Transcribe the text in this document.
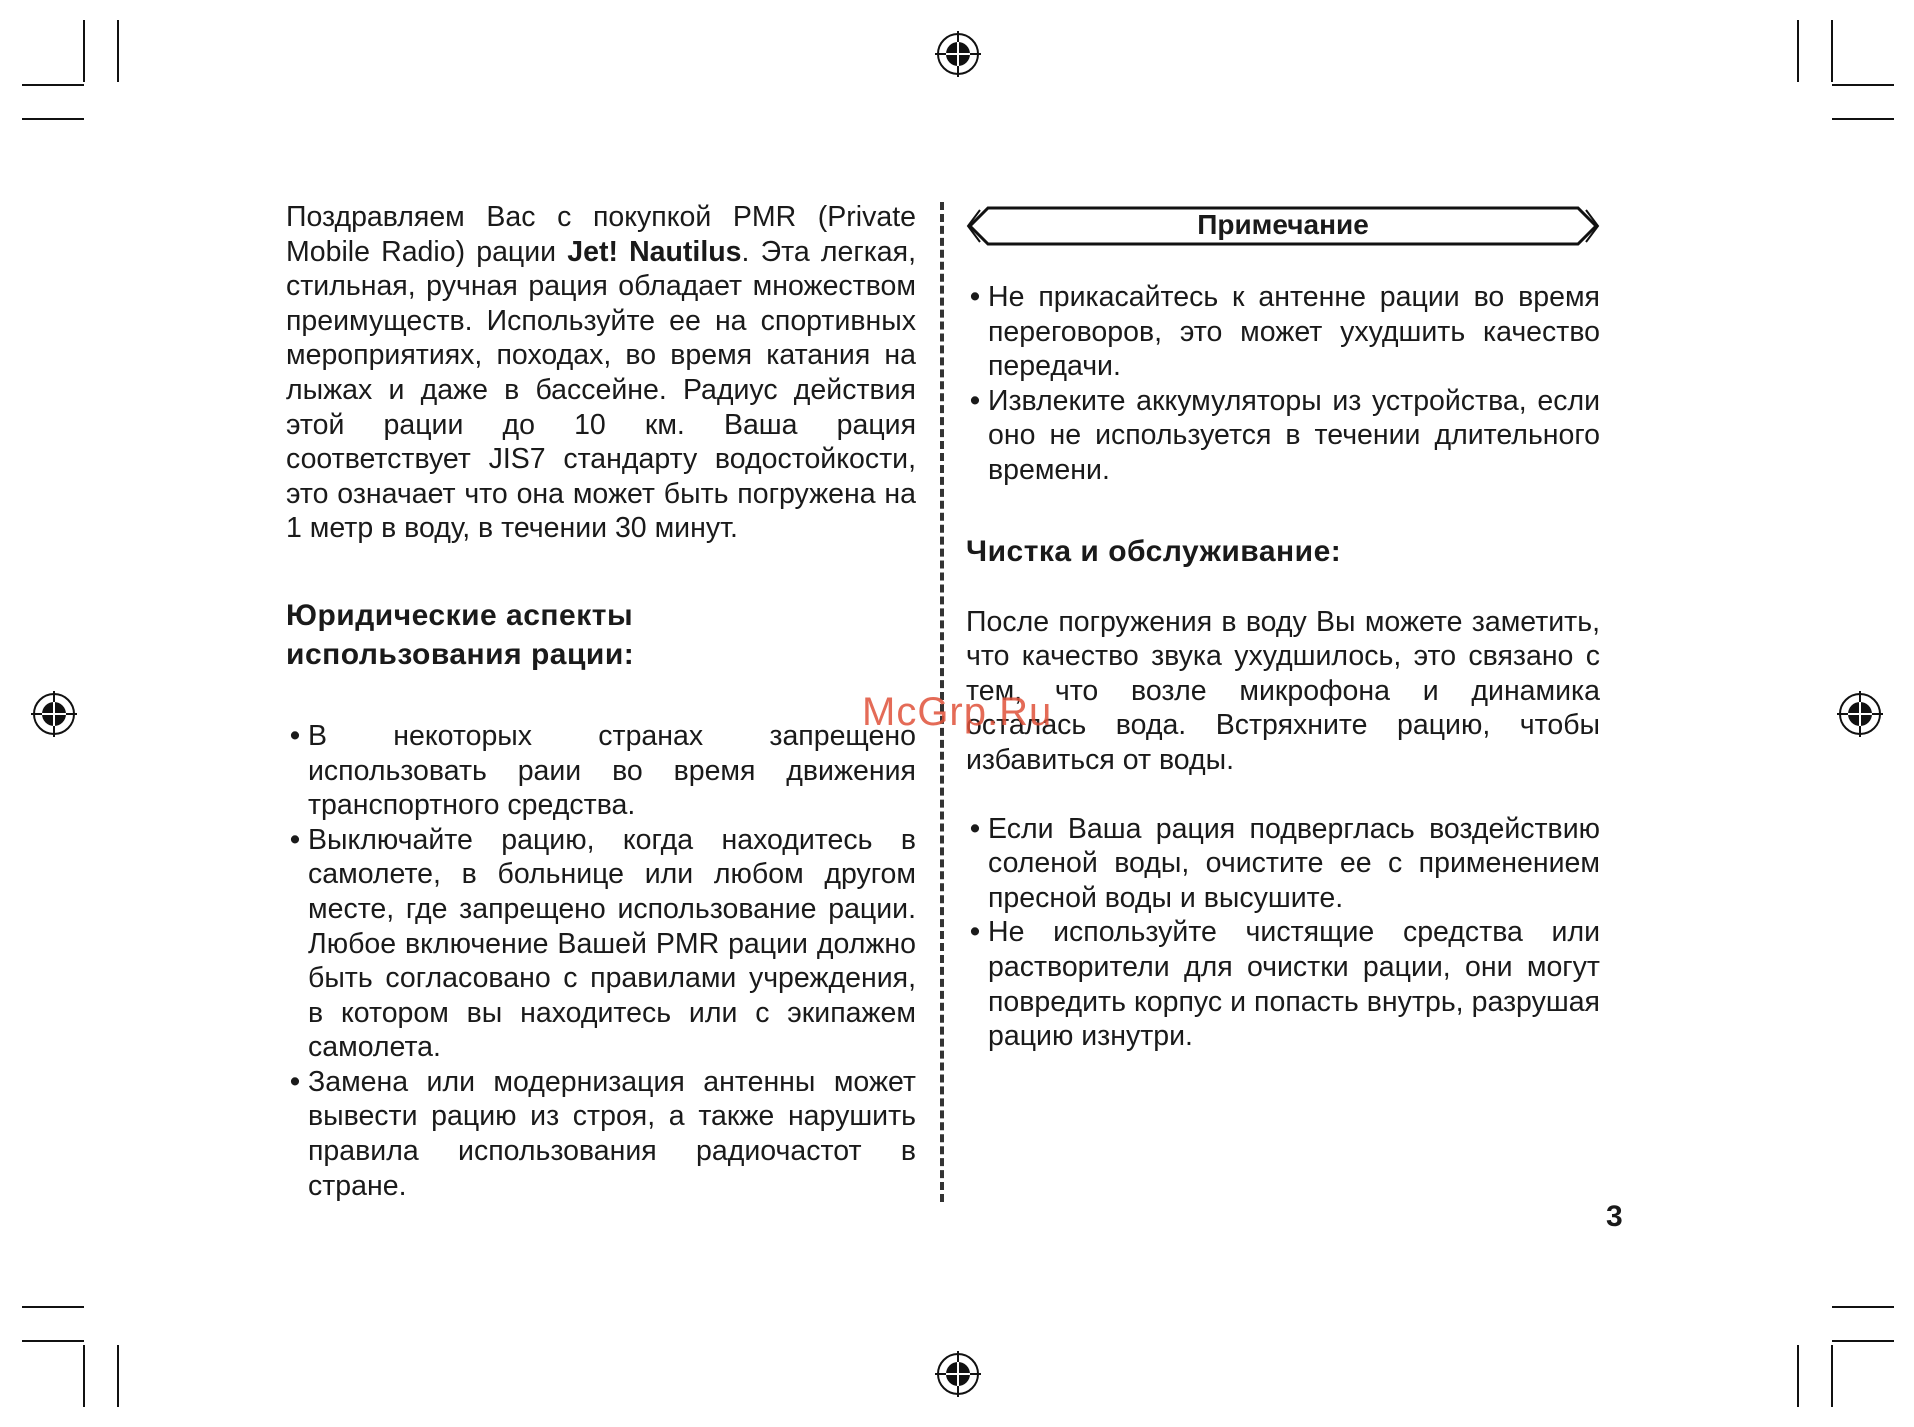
Поздравляем Вас с покупкой PMR (Private Mobile Radio) рации Jet! Nautilus. Эта легкая, стильная, ручная рация обладает множеством преимуществ. Используйте ее на спортивных мероприятиях, походах, во время катания на лыжах и даже в бассейне. Радиус действия этой рации до 10 км. Ваша рация соответствует JIS7 стандарту водостойкости, это означает что она может быть погружена на 1 метр в воду, в течении 30 минут.

Юридические аспекты
использования рации:

• В некоторых странах запрещено использовать раии во время движения транспортного средства.
• Выключайте рацию, когда находитесь в самолете, в больнице или любом другом месте, где запрещено использование рации. Любое включение Вашей PMR рации должно быть согласовано с правилами учреждения, в котором вы находитесь или с экипажем самолета.
• Замена или модернизация антенны может вывести рацию из строя, а также нарушить правила использования радиочастот в стране.
Примечание
• Не прикасайтесь к антенне рации во время переговоров, это может ухудшить качество передачи.
• Извлеките аккумуляторы из устройства, если оно не используется в течении длительного времени.

Чистка и обслуживание:

После погружения в воду Вы можете заметить, что качество звука ухудшилось, это связано с тем, что возле микрофона и динамика осталась вода. Встряхните рацию, чтобы избавиться от воды.

• Если Ваша рация подверглась воздействию соленой воды, очистите ее с применением пресной воды и высушите.
• Не используйте чистящие средства или растворители для очистки рации, они могут повредить корпус и попасть внутрь, разрушая рацию изнутри.
McGrp.Ru
3
